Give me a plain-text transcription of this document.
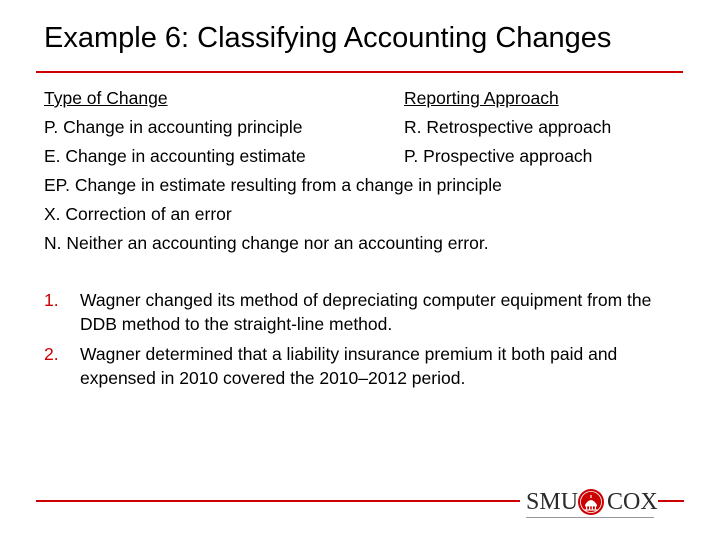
Example 6: Classifying Accounting Changes
Type of Change	Reporting Approach
P. Change in accounting principle	R. Retrospective approach
E. Change in accounting estimate	P. Prospective approach
EP. Change in estimate resulting from a change in principle
X. Correction of an error
N. Neither an accounting change nor an accounting error.
1. Wagner changed its method of depreciating computer equipment from the DDB method to the straight-line method.
2. Wagner determined that a liability insurance premium it both paid and expensed in 2010 covered the 2010–2012 period.
SMU COX
